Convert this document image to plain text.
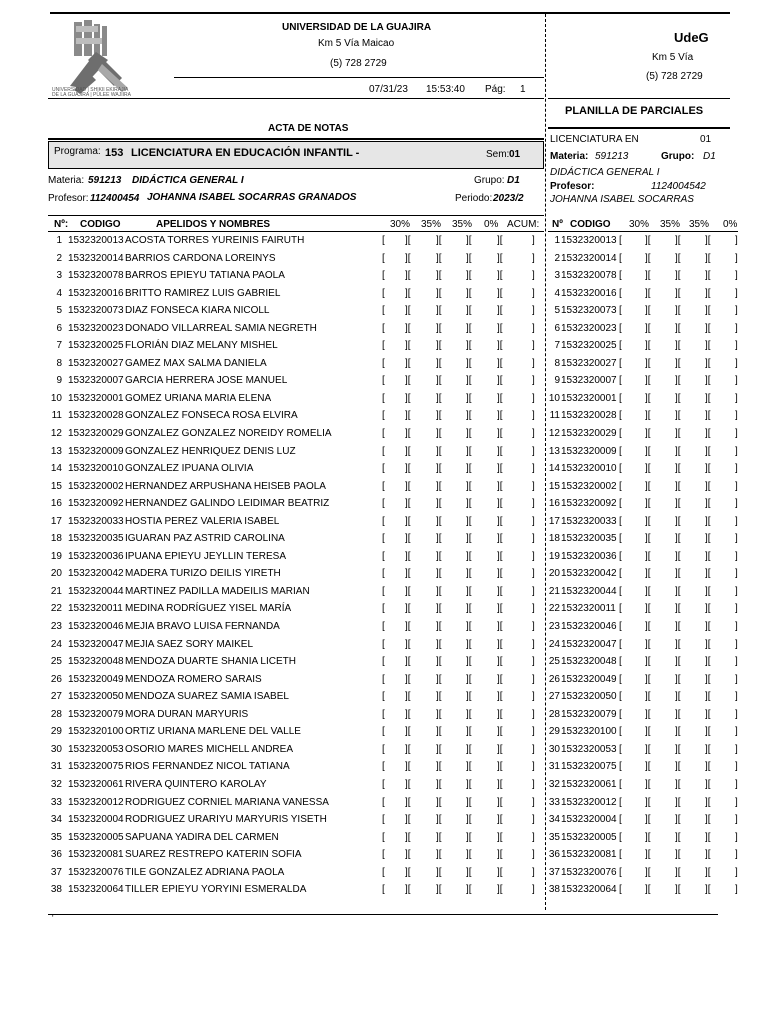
UNIVERSIDAD | SHIKII EKIRAJIA
DE LA GUAJIRA | PÜLEE WAJIIRA
UNIVERSIDAD DE LA GUAJIRA
Km 5 Vía Maicao
(5) 728 2729
07/31/23 15:53:40 Pág: 1
UdeG
Km 5 Vía
(5) 728 2729
PLANILLA DE PARCIALES
LICENCIATURA EN	01
Materia: 591213	Grupo: D1
DIDÁCTICA GENERAL I
Profesor:	1124004542
JOHANNA ISABEL SOCARRAS
ACTA DE NOTAS
Programa: 153 LICENCIATURA EN EDUCACIÓN INFANTIL -	Sem: 01
Materia: 591213 DIDÁCTICA GENERAL I	Grupo: D1
Profesor: 112400454 JOHANNA ISABEL SOCARRAS GRANADOS	Periodo: 2023/2
Nº: CODIGO	APELIDOS Y NOMBRES	30% 35% 35% 0% ACUM: Nº CODIGO 30% 35% 35% 0%
1 1532320013 ACOSTA TORRES YUREINIS FAIRUTH	[ ][	][ ][	][	]	1 1532320013 [ ][ ][ ][ ]
2 1532320014 BARRIOS CARDONA LOREINYS	[ ][	][ ][	][	]	2 1532320014 [ ][ ][ ][ ]
3 1532320078 BARROS EPIEYU TATIANA PAOLA	[ ][	][ ][	][	]	3 1532320078 [ ][ ][ ][ ]
4 1532320016 BRITTO RAMIREZ LUIS GABRIEL	[ ][	][ ][	][	]	4 1532320016 [ ][ ][ ][ ]
5 1532320073 DIAZ FONSECA KIARA NICOLL	[ ][	][ ][	][	]	5 1532320073 [ ][ ][ ][ ]
6 1532320023 DONADO VILLARREAL SAMIA NEGRETH	[ ][	][ ][	][	]	6 1532320023 [ ][ ][ ][ ]
7 1532320025 FLORIÁN DIAZ MELANY MISHEL	[ ][	][ ][	][	]	7 1532320025 [ ][ ][ ][ ]
8 1532320027 GAMEZ MAX SALMA DANIELA	[ ][	][ ][	][	]	8 1532320027 [ ][ ][ ][ ]
9 1532320007 GARCIA HERRERA JOSE MANUEL	[ ][	][ ][	][	]	9 1532320007 [ ][ ][ ][ ]
10 1532320001 GOMEZ URIANA MARIA ELENA	[ ][	][ ][	][	]	10 1532320001 [ ][ ][ ][ ]
11 1532320028 GONZALEZ FONSECA ROSA ELVIRA	[ ][	][ ][	][	]	11 1532320028 [ ][ ][ ][ ]
12 1532320029 GONZALEZ GONZALEZ NOREIDY ROMELIA	[ ][	][ ][	][	]	12 1532320029 [ ][ ][ ][ ]
13 1532320009 GONZALEZ HENRIQUEZ DENIS LUZ	[ ][	][ ][	][	]	13 1532320009 [ ][ ][ ][ ]
14 1532320010 GONZALEZ IPUANA OLIVIA	[ ][	][ ][	][	]	14 1532320010 [ ][ ][ ][ ]
15 1532320002 HERNANDEZ ARPUSHANA HEISEB PAOLA	[ ][	][ ][	][	]	15 1532320002 [ ][ ][ ][ ]
16 1532320092 HERNANDEZ GALINDO LEIDIMAR BEATRIZ	[ ][	][ ][	][	]	16 1532320092 [ ][ ][ ][ ]
17 1532320033 HOSTIA PEREZ VALERIA ISABEL	[ ][	][ ][	][	]	17 1532320033 [ ][ ][ ][ ]
18 1532320035 IGUARAN PAZ ASTRID CAROLINA	[ ][	][ ][	][	]	18 1532320035 [ ][ ][ ][ ]
19 1532320036 IPUANA EPIEYU JEYLLIN TERESA	[ ][	][ ][	][	]	19 1532320036 [ ][ ][ ][ ]
20 1532320042 MADERA TURIZO DEILIS YIRETH	[ ][	][ ][	][	]	20 1532320042 [ ][ ][ ][ ]
21 1532320044 MARTINEZ PADILLA MADEILIS MARIAN	[ ][	][ ][	][	]	21 1532320044 [ ][ ][ ][ ]
22 1532320011 MEDINA RODRÍGUEZ YISEL MARÍA	[ ][	][ ][	][	]	22 1532320011 [ ][ ][ ][ ]
23 1532320046 MEJIA BRAVO LUISA FERNANDA	[ ][	][ ][	][	]	23 1532320046 [ ][ ][ ][ ]
24 1532320047 MEJIA SAEZ SORY MAIKEL	[ ][	][ ][	][	]	24 1532320047 [ ][ ][ ][ ]
25 1532320048 MENDOZA DUARTE SHANIA LICETH	[ ][	][ ][	][	]	25 1532320048 [ ][ ][ ][ ]
26 1532320049 MENDOZA ROMERO SARAIS	[ ][	][ ][	][	]	26 1532320049 [ ][ ][ ][ ]
27 1532320050 MENDOZA SUAREZ SAMIA ISABEL	[ ][	][ ][	][	]	27 1532320050 [ ][ ][ ][ ]
28 1532320079 MORA DURAN MARYURIS	[ ][	][ ][	][	]	28 1532320079 [ ][ ][ ][ ]
29 1532320100 ORTIZ URIANA MARLENE DEL VALLE	[ ][	][ ][	][	]	29 1532320100 [ ][ ][ ][ ]
30 1532320053 OSORIO MARES MICHELL ANDREA	[ ][	][ ][	][	]	30 1532320053 [ ][ ][ ][ ]
31 1532320075 RIOS FERNANDEZ NICOL TATIANA	[ ][	][ ][	][	]	31 1532320075 [ ][ ][ ][ ]
32 1532320061 RIVERA QUINTERO KAROLAY	[ ][	][ ][	][	]	32 1532320061 [ ][ ][ ][ ]
33 1532320012 RODRIGUEZ CORNIEL MARIANA VANESSA	[ ][	][ ][	][	]	33 1532320012 [ ][ ][ ][ ]
34 1532320004 RODRIGUEZ URARIYU MARYURIS YISETH	[ ][	][ ][	][	]	34 1532320004 [ ][ ][ ][ ]
35 1532320005 SAPUANA YADIRA DEL CARMEN	[ ][	][ ][	][	]	35 1532320005 [ ][ ][ ][ ]
36 1532320081 SUAREZ RESTREPO KATERIN SOFIA	[ ][	][ ][	][	]	36 1532320081 [ ][ ][ ][ ]
37 1532320076 TILE GONZALEZ ADRIANA PAOLA	[ ][	][ ][	][	]	37 1532320076 [ ][ ][ ][ ]
38 1532320064 TILLER EPIEYU YORYINI ESMERALDA	[ ][	][ ][	][	]	38 1532320064 [ ][ ][ ][ ]
'
